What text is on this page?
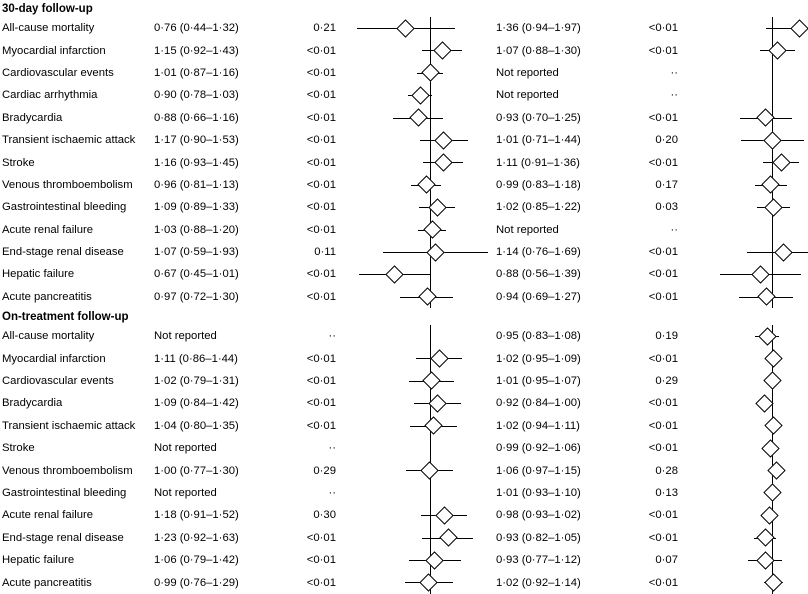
30-day follow-up
All-cause mortality	0·76 (0·44–1·32)	0·21	1·36 (0·94–1·97)	<0·01
Myocardial infarction	1·15 (0·92–1·43)	<0·01	1·07 (0·88–1·30)	<0·01
Cardiovascular events	1·01 (0·87–1·16)	<0·01	Not reported	··
Cardiac arrhythmia	0·90 (0·78–1·03)	<0·01	Not reported	··
Bradycardia	0·88 (0·66–1·16)	<0·01	0·93 (0·70–1·25)	<0·01
Transient ischaemic attack	1·17 (0·90–1·53)	<0·01	1·01 (0·71–1·44)	0·20
Stroke	1·16 (0·93–1·45)	<0·01	1·11 (0·91–1·36)	<0·01
Venous thromboembolism	0·96 (0·81–1·13)	<0·01	0·99 (0·83–1·18)	0·17
Gastrointestinal bleeding	1·09 (0·89–1·33)	<0·01	1·02 (0·85–1·22)	0·03
Acute renal failure	1·03 (0·88–1·20)	<0·01	Not reported	··
End-stage renal disease	1·07 (0·59–1·93)	0·11	1·14 (0·76–1·69)	<0·01
Hepatic failure	0·67 (0·45–1·01)	<0·01	0·88 (0·56–1·39)	<0·01
Acute pancreatitis	0·97 (0·72–1·30)	<0·01	0·94 (0·69–1·27)	<0·01
On-treatment follow-up
All-cause mortality	Not reported	··	0·95 (0·83–1·08)	0·19
Myocardial infarction	1·11 (0·86–1·44)	<0·01	1·02 (0·95–1·09)	<0·01
Cardiovascular events	1·02 (0·79–1·31)	<0·01	1·01 (0·95–1·07)	0·29
Bradycardia	1·09 (0·84–1·42)	<0·01	0·92 (0·84–1·00)	<0·01
Transient ischaemic attack	1·04 (0·80–1·35)	<0·01	1·02 (0·94–1·11)	<0·01
Stroke	Not reported	··	0·99 (0·92–1·06)	<0·01
Venous thromboembolism	1·00 (0·77–1·30)	0·29	1·06 (0·97–1·15)	0·28
Gastrointestinal bleeding	Not reported	··	1·01 (0·93–1·10)	0·13
Acute renal failure	1·18 (0·91–1·52)	0·30	0·98 (0·93–1·02)	<0·01
End-stage renal disease	1·23 (0·92–1·63)	<0·01	0·93 (0·82–1·05)	<0·01
Hepatic failure	1·06 (0·79–1·42)	<0·01	0·93 (0·77–1·12)	0·07
Acute pancreatitis	0·99 (0·76–1·29)	<0·01	1·02 (0·92–1·14)	<0·01
